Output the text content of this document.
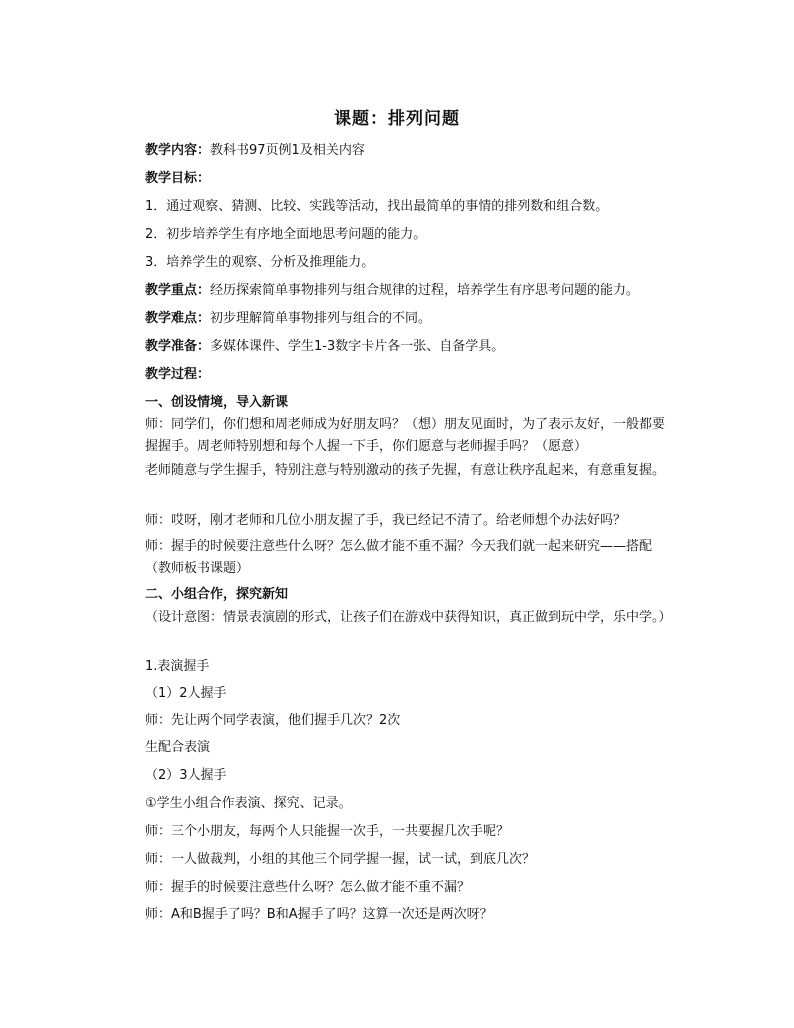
课题：排列问题
教学内容：教科书97页例1及相关内容
教学目标：
1．通过观察、猜测、比较、实践等活动，找出最简单的事情的排列数和组合数。
2．初步培养学生有序地全面地思考问题的能力。
3．培养学生的观察、分析及推理能力。
教学重点：经历探索简单事物排列与组合规律的过程，培养学生有序思考问题的能力。
教学难点：初步理解简单事物排列与组合的不同。
教学准备：多媒体课件、学生1-3数字卡片各一张、自备学具。
教学过程：
一、创设情境，导入新课
师：同学们，你们想和周老师成为好朋友吗？（想）朋友见面时，为了表示友好，一般都要握握手。周老师特别想和每个人握一下手，你们愿意与老师握手吗？（愿意）
老师随意与学生握手，特别注意与特别激动的孩子先握，有意让秩序乱起来，有意重复握。
师：哎呀，刚才老师和几位小朋友握了手，我已经记不清了。给老师想个办法好吗？
师：握手的时候要注意些什么呀？怎么做才能不重不漏？今天我们就一起来研究——搭配（教师板书课题）
二、小组合作，探究新知
（设计意图：情景表演剧的形式，让孩子们在游戏中获得知识，真正做到玩中学，乐中学。）
1.表演握手
（1）2人握手
师：先让两个同学表演，他们握手几次？2次
生配合表演
（2）3人握手
①学生小组合作表演、探究、记录。
师：三个小朋友，每两个人只能握一次手，一共要握几次手呢？
师：一人做裁判，小组的其他三个同学握一握，试一试，到底几次？
师：握手的时候要注意些什么呀？怎么做才能不重不漏？
师：A和B握手了吗？B和A握手了吗？这算一次还是两次呀？
